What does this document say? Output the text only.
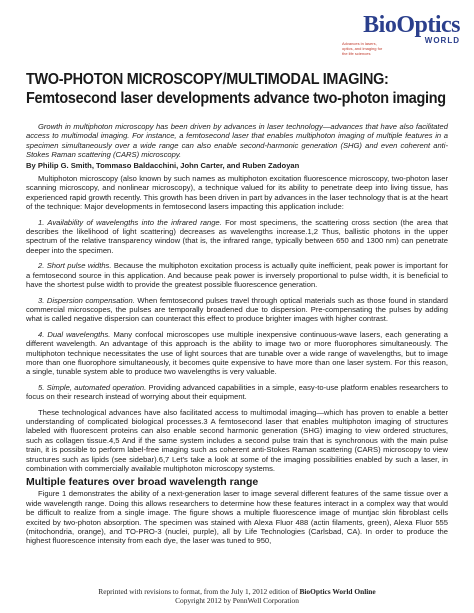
Advances in lasers, optics, and imaging for the life sciences
BioOptics
WORLD
TWO-PHOTON MICROSCOPY/MULTIMODAL IMAGING:
Femtosecond laser developments advance two-photon imaging

Growth in multiphoton microscopy has been driven by advances in laser technology—advances that have also facilitated access to multimodal imaging. For instance, a femtosecond laser that enables multiphoton imaging of multiple features in a specimen simultaneously over a wide range can also enable second-harmonic generation (SHG) and even coherent anti-Stokes Raman scattering (CARS) microscopy.

By Philip G. Smith, Tommaso Baldacchini, John Carter, and Ruben Zadoyan

Multiphoton microscopy (also known by such names as multiphoton excitation fluorescence microscopy, two-photon laser scanning microscopy, and nonlinear microscopy), a technique valued for its ability to penetrate deep into living tissue, has experienced rapid growth recently. This growth has been driven in part by advances in the laser technology that is at the heart of the technique: Major developments in femtosecond lasers impacting this application include:

1. Availability of wavelengths into the infrared range. For most specimens, the scattering cross section (the area that describes the likelihood of light scattering) decreases as wavelengths increase.1,2 Thus, ballistic photons in the upper spectrum of the relative transparency window (that is, the infrared range, typically between 650 and 1300 nm) can penetrate deeper into the specimen.

2. Short pulse widths. Because the multiphoton excitation process is actually quite inefficient, peak power is important for a femtosecond source in this application. And because peak power is inversely proportional to pulse width, it is beneficial to have the shortest pulse width to provide the greatest possible fluorescence generation.

3. Dispersion compensation. When femtosecond pulses travel through optical materials such as those found in standard commercial microscopes, the pulses are temporally broadened due to dispersion. Pre-compensating the pulses by adding what is called negative dispersion can counteract this effect to produce brighter images with higher contrast.

4. Dual wavelengths. Many confocal microscopes use multiple inexpensive continuous-wave lasers, each generating a different wavelength. An advantage of this approach is the ability to image two or more fluorophores simultaneously. The multiphoton technique necessitates the use of light sources that are tunable over a wide range of wavelengths, but to image more than one fluorophore simultaneously, it becomes quite expensive to have more than one laser system. For this reason, a single, tunable system able to produce two wavelengths is very valuable.

5. Simple, automated operation. Providing advanced capabilities in a simple, easy-to-use platform enables researchers to focus on their research instead of worrying about their equipment.

These technological advances have also facilitated access to multimodal imaging—which has proven to enable a better understanding of complicated biological processes.3 A femtosecond laser that enables multiphoton imaging of structures labeled with fluorescent proteins can also enable second harmonic generation (SHG) imaging to view ordered structures, such as collagen tissue.4,5 And if the same system includes a second pulse train that is synchronous with the main pulse train, it is possible to perform label-free imaging such as coherent anti-Stokes Raman scattering (CARS) microscopy to view structures such as lipids (see sidebar).6,7 Let's take a look at some of the imaging possibilities enabled by such a laser, in combination with commercially available multiphoton microscopy systems.

Multiple features over broad wavelength range

Figure 1 demonstrates the ability of a next-generation laser to image several different features of the same tissue over a wide wavelength range. Doing this allows researchers to determine how these features interact in a complex way that would be difficult to realize from a single image. The figure shows a multiple fluorescence image of muntjac skin fibroblast cells excited by two-photon absorption. The specimen was stained with Alexa Fluor 488 (actin filaments, green), Alexa Fluor 555 (mitochondria, orange), and TO-PRO-3 (nuclei, purple), all by Life Technologies (Carlsbad, CA). In order to produce the highest fluorescence intensity from each dye, the laser was tuned to 950,

Reprinted with revisions to format, from the July 1, 2012 edition of BioOptics World Online
Copyright 2012 by PennWell Corporation
